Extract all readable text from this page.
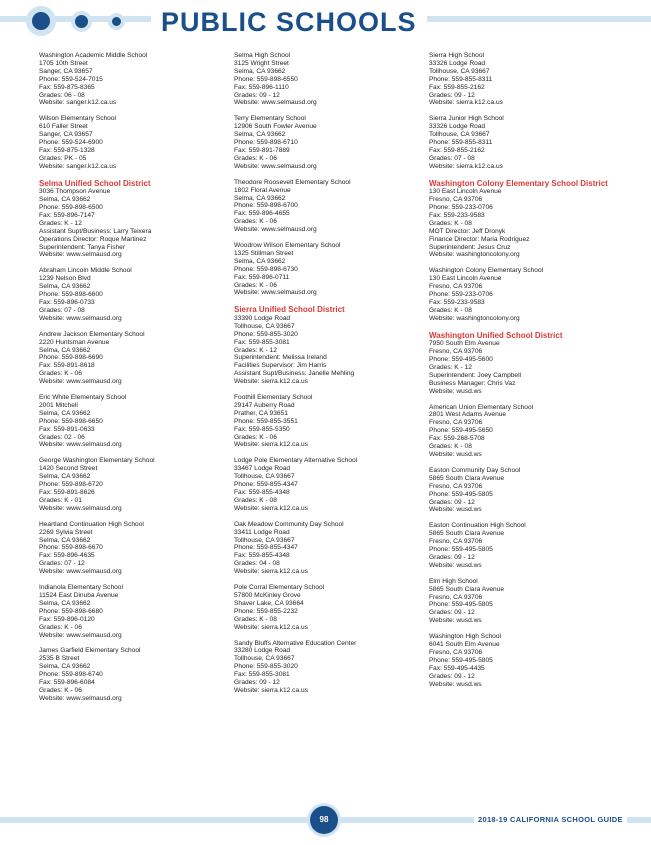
PUBLIC SCHOOLS
Washington Academic Middle School
1705 10th Street
Sanger, CA 93657
Phone: 559-524-7015
Fax: 559-875-8365
Grades: 06 - 08
Website: sanger.k12.ca.us
Wilson Elementary School
610 Faller Street
Sanger, CA 93657
Phone: 559-524-6900
Fax: 559-875-1328
Grades: PK - 05
Website: sanger.k12.ca.us
Selma Unified School District
3036 Thompson Avenue
Selma, CA 93662
Phone: 559-898-6500
Fax: 559-896-7147
Grades: K - 12
Assistant Supt/Business: Larry Teixera
Operations Director: Roque Martinez
Superintendent: Tanya Fisher
Website: www.selmausd.org
Abraham Lincoln Middle School
1239 Nelson Blvd
Selma, CA 93662
Phone: 559-898-6600
Fax: 559-896-0733
Grades: 07 - 08
Website: www.selmausd.org
Andrew Jackson Elementary School
2220 Huntsman Avenue
Selma, CA 93662
Phone: 559-898-6690
Fax: 559-891-8618
Grades: K - 06
Website: www.selmausd.org
Eric White Elementary School
2001 Mitchell
Selma, CA 93662
Phone: 559-898-6650
Fax: 559-891-0633
Grades: 02 - 06
Website: www.selmausd.org
George Washington Elementary School
1420 Second Street
Selma, CA 93662
Phone: 559-898-6720
Fax: 559-891-8626
Grades: K - 01
Website: www.selmausd.org
Heartland Continuation High School
2269 Sylvia Street
Selma, CA 93662
Phone: 559-898-6670
Fax: 559-896-4635
Grades: 07 - 12
Website: www.selmausd.org
Indianola Elementary School
11524 East Dinuba Avenue
Selma, CA 93662
Phone: 559-898-6680
Fax: 559-896-0120
Grades: K - 06
Website: www.selmausd.org
James Garfield Elementary School
2535 B Street
Selma, CA 93662
Phone: 559-898-6740
Fax: 559-896-6084
Grades: K - 06
Website: www.selmausd.org
Selma High School
3125 Wright Street
Selma, CA 93662
Phone: 559-898-6550
Fax: 559-896-1110
Grades: 09 - 12
Website: www.selmausd.org
Terry Elementary School
12906 South Fowler Avenue
Selma, CA 93662
Phone: 559-898-6710
Fax: 559-891-7889
Grades: K - 06
Website: www.selmausd.org
Theodore Roosevelt Elementary School
1802 Floral Avenue
Selma, CA 93662
Phone: 559-898-6700
Fax: 559-896-4655
Grades: K - 06
Website: www.selmausd.org
Woodrow Wilson Elementary School
1325 Stillman Street
Selma, CA 93662
Phone: 559-898-6730
Fax: 559-896-0711
Grades: K - 06
Website: www.selmausd.org
Sierra Unified School District
33390 Lodge Road
Tollhouse, CA 93667
Phone: 559-855-3020
Fax: 559-855-3081
Grades: K - 12
Superintendent: Melissa Ireland
Facilities Supervisor: Jim Harris
Assistant Supt/Business: Janelle Mehling
Website: sierra.k12.ca.us
Foothill Elementary School
29147 Auberry Road
Prather, CA 93651
Phone: 559-855-3551
Fax: 559-855-5350
Grades: K - 06
Website: sierra.k12.ca.us
Lodge Pole Elementary Alternative School
33467 Lodge Road
Tollhouse, CA 93667
Phone: 559-855-4347
Fax: 559-855-4348
Grades: K - 08
Website: sierra.k12.ca.us
Oak Meadow Community Day School
33411 Lodge Road
Tollhouse, CA 93667
Phone: 559-855-4347
Fax: 559-855-4348
Grades: 04 - 08
Website: sierra.k12.ca.us
Pole Corral Elementary School
57800 McKinley Grove
Shaver Lake, CA 93664
Phone: 559-855-2232
Grades: K - 08
Website: sierra.k12.ca.us
Sandy Bluffs Alternative Education Center
33280 Lodge Road
Tollhouse, CA 93667
Phone: 559-855-3020
Fax: 559-855-3081
Grades: 09 - 12
Website: sierra.k12.ca.us
Sierra High School
33326 Lodge Road
Tollhouse, CA 93667
Phone: 559-855-8311
Fax: 559-855-2162
Grades: 09 - 12
Website: sierra.k12.ca.us
Sierra Junior High School
33326 Lodge Road
Tollhouse, CA 93667
Phone: 559-855-8311
Fax: 559-855-2162
Grades: 07 - 08
Website: sierra.k12.ca.us
Washington Colony Elementary School District
130 East Lincoln Avenue
Fresno, CA 93706
Phone: 559-233-0706
Fax: 559-233-9583
Grades: K - 08
MOT Director: Jeff Dronyk
Finance Director: Maria Rodriguez
Superintendent: Jesus Cruz
Website: washingtoncolony.org
Washington Colony Elementary School
130 East Lincoln Avenue
Fresno, CA 93706
Phone: 559-233-0706
Fax: 559-233-9583
Grades: K - 08
Website: washingtoncolony.org
Washington Unified School District
7950 South Elm Avenue
Fresno, CA 93706
Phone: 559-495-5600
Grades: K - 12
Superintendent: Joey Campbell
Business Manager: Chris Vaz
Website: wusd.ws
American Union Elementary School
2801 West Adams Avenue
Fresno, CA 93706
Phone: 559-495-5650
Fax: 559-268-5708
Grades: K - 08
Website: wusd.ws
Easton Community Day School
5865 South Clara Avenue
Fresno, CA 93706
Phone: 559-495-5805
Grades: 09 - 12
Website: wusd.ws
Easton Continuation High School
5865 South Clara Avenue
Fresno, CA 93706
Phone: 559-495-5805
Grades: 09 - 12
Website: wusd.ws
Elm High School
5865 South Clara Avenue
Fresno, CA 93706
Phone: 559-495-5805
Grades: 09 - 12
Website: wusd.ws
Washington High School
6041 South Elm Avenue
Fresno, CA 93706
Phone: 559-495-5805
Fax: 559-495-4435
Grades: 09 - 12
Website: wusd.ws
98	2018-19 CALIFORNIA SCHOOL GUIDE
